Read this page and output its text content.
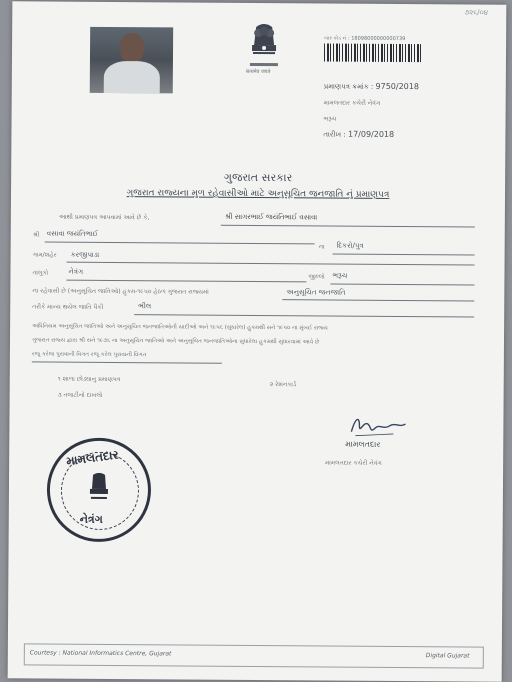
૭૨૬/૦૪
सत्यमेव जयते
બાર કોડ નં : 18098000000000739
પ્રમાણપત્ર ક્રમાંક : 9750/2018
મામલતદાર કચેરી નેત્રંગ
ભરૂચ
તારીખ : 17/09/2018
ગુજરાત સરકાર
ગુજરાત રાજ્યના મુળ રહેવાસીઓ માટે અનુસૂચિત જનજાતિ નું પ્રમાણપત્ર
આથી પ્રમાણપત્ર આપવામાં આવે છે કે,	શ્રી સાગરભાઈ જયંતિભાઈ વસાવા
શ્રી વસાવા જયંતિભાઈ
ના દિકરો/પુત્ર
ગામ/શહેર કરજીપાડા
તાલુકો	નેત્રંગ
જીલ્લો ભરૂચ
ના રહેવાસી છે (અનુસૂચિત જાતિઓ) હુકમ-૧૯૫૦ હેઠળ ગુજરાત રાજ્યમાં	અનુસૂચિત જનજાતિ
તરીકે માન્ય થયેલ જાતિ પૈકી	ભીલ
અધિનિયમ અનુસૂચિત જાતિઓ અને અનુસૂચિત જનજાતિઓની યાદીઓ અને ૧૯૫૬ (સુધારેલ) હુકમથી સને ૧૯૫૦ ના મુંબઈ રાજ્ય
ગુજરાત રાજ્ય દ્વારા શ્રી સને ૧૯૭૬ ના અનુસૂચિત જાતિઓ અને અનુસૂચિત જનજાતિઓના સુધારેલા હુકમથી સુધારવામાં આવે છે
રજૂ કરેલા પુરાવાની વિગત રજૂ કરેલ પુરાવાની વિગત
૧ શાળા છોડ્યાનુ પ્રમાણપત્ર
૨ રેશનકાર્ડ
૩ તલાટીનો દાખલો
મામલતદાર
મામલતદાર કચેરી નેત્રંગ
મામલતદાર
નેત્રંગ
Courtesy : National Informatics Centre, Gujarat	Digital Gujarat
